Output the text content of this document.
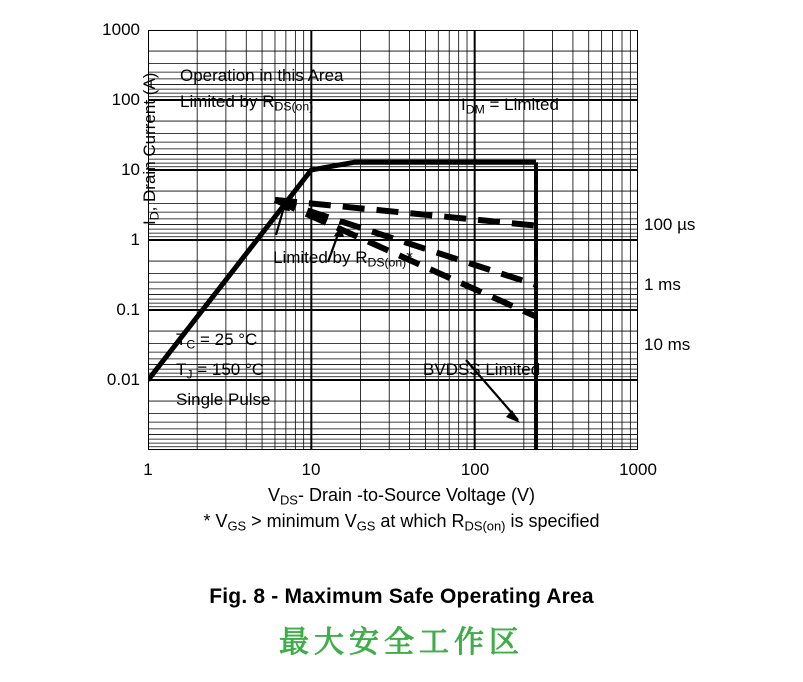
Operation in this Area
Limited by $R_{DS(on)}$	$I_{DM}$ = Limited
Limited by $R_{DS(on)}*$
BVDSS Limited
$T_C = 25$ °C
$T_J = 150$ °C
Single Pulse
100 µs
1 ms
10 ms
1000
100
10
1
0.1
0.01
1	10	100	1000
$I_D$, Drain Current (A)
$V_{DS}-$ Drain -to-Source Voltage (V)
* $V_{GS}$ > minimum $V_{GS}$ at which $R_{DS(on)}$ is specified
Fig. 8 - Maximum Safe Operating Area
最大安全工作区
